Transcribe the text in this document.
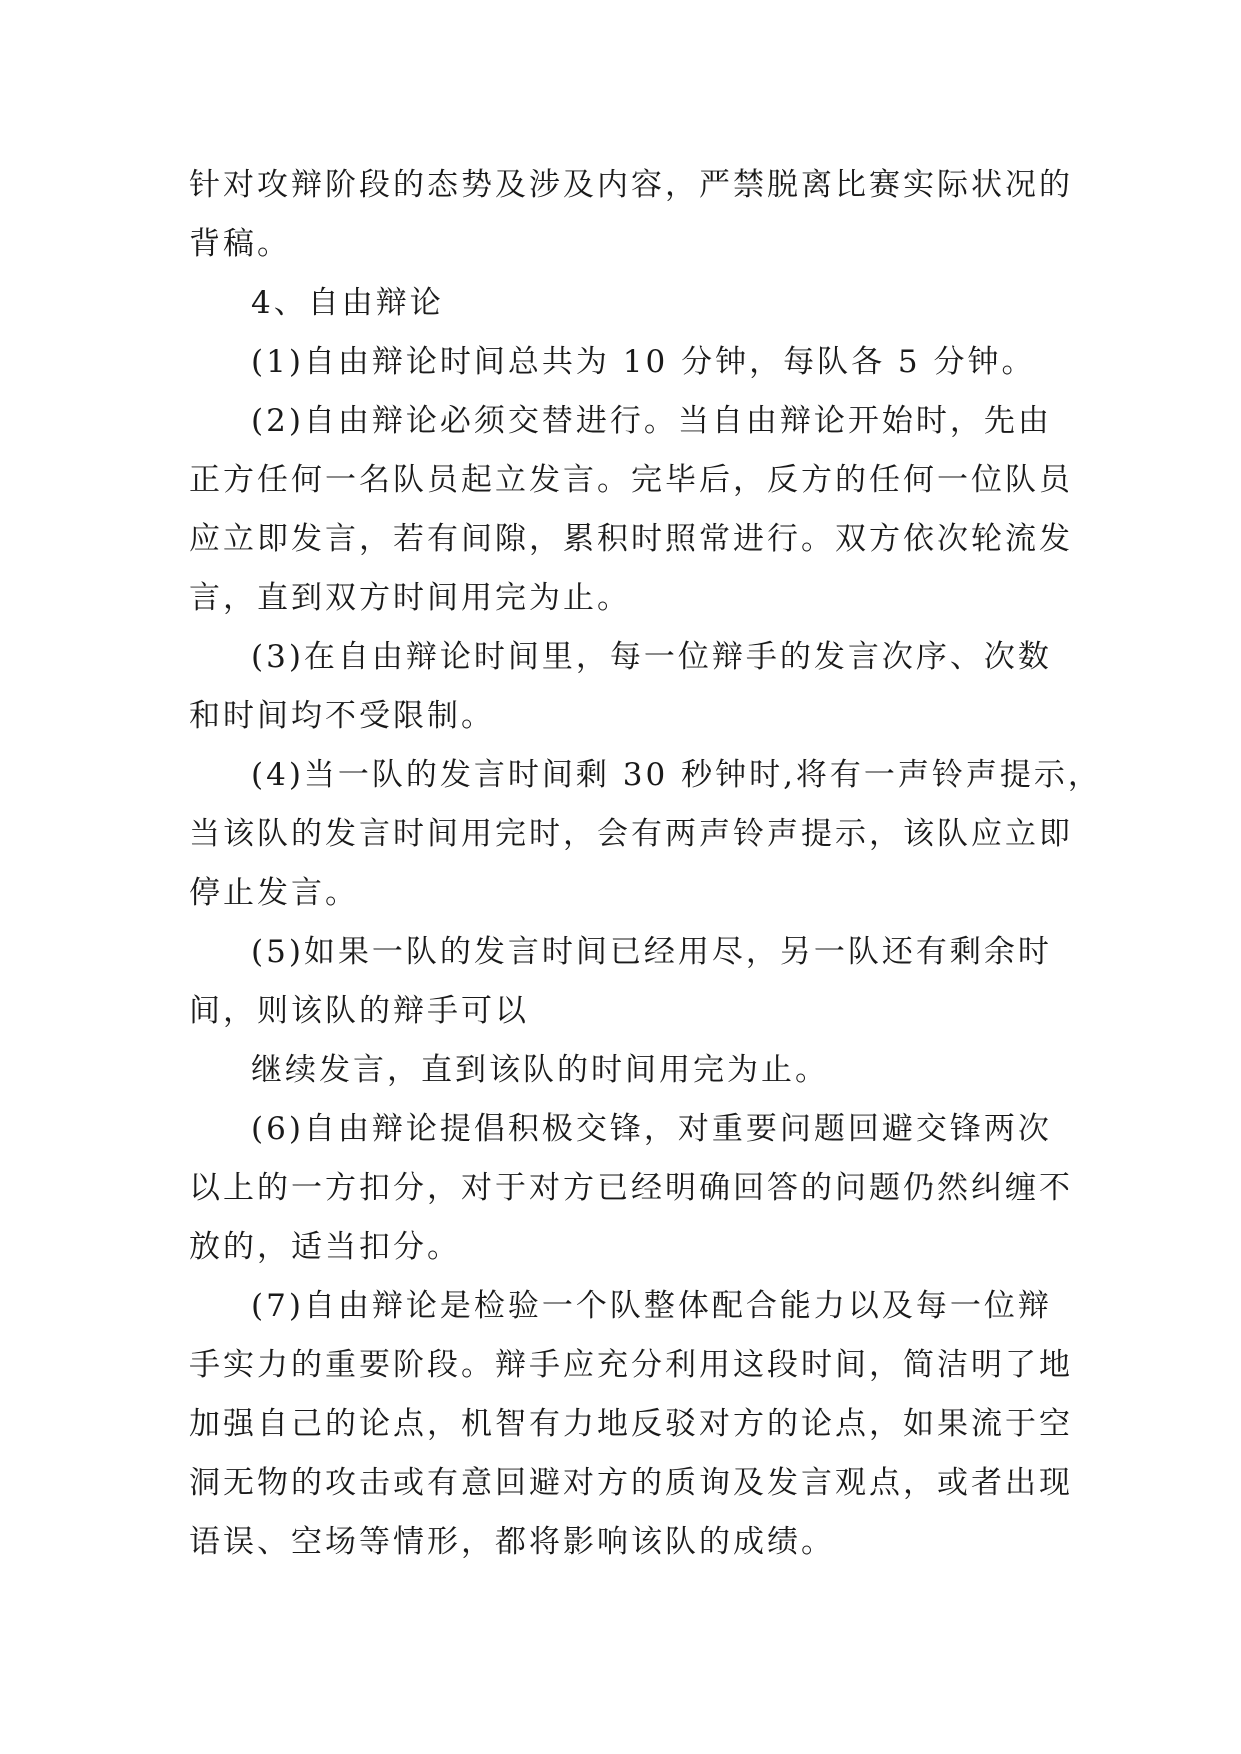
针对攻辩阶段的态势及涉及内容，严禁脱离比赛实际状况的
背稿。
4、自由辩论
(1)自由辩论时间总共为 10 分钟，每队各 5 分钟。
(2)自由辩论必须交替进行。当自由辩论开始时，先由
正方任何一名队员起立发言。完毕后，反方的任何一位队员
应立即发言，若有间隙，累积时照常进行。双方依次轮流发
言，直到双方时间用完为止。
(3)在自由辩论时间里，每一位辩手的发言次序、次数
和时间均不受限制。
(4)当一队的发言时间剩 30 秒钟时,将有一声铃声提示，
当该队的发言时间用完时，会有两声铃声提示，该队应立即
停止发言。
(5)如果一队的发言时间已经用尽，另一队还有剩余时
间，则该队的辩手可以
继续发言，直到该队的时间用完为止。
(6)自由辩论提倡积极交锋，对重要问题回避交锋两次
以上的一方扣分，对于对方已经明确回答的问题仍然纠缠不
放的，适当扣分。
(7)自由辩论是检验一个队整体配合能力以及每一位辩
手实力的重要阶段。辩手应充分利用这段时间，简洁明了地
加强自己的论点，机智有力地反驳对方的论点，如果流于空
洞无物的攻击或有意回避对方的质询及发言观点，或者出现
语误、空场等情形，都将影响该队的成绩。
